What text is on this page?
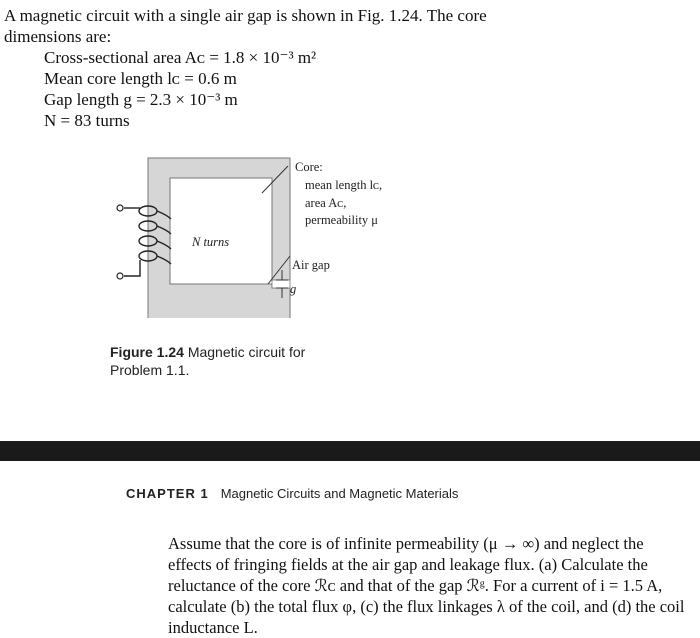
A magnetic circuit with a single air gap is shown in Fig. 1.24. The core
dimensions are:
Cross-sectional area Aᴄ = 1.8 × 10⁻³ m²
Mean core length lᴄ = 0.6 m
Gap length g = 2.3 × 10⁻³ m
N = 83 turns
Core:
mean length lᴄ,
area Aᴄ,
permeability μ
N turns
Air gap
g
Figure 1.24 Magnetic circuit for
Problem 1.1.
CHAPTER 1 Magnetic Circuits and Magnetic Materials
Assume that the core is of infinite permeability (μ → ∞) and neglect the
effects of fringing fields at the air gap and leakage flux. (a) Calculate the
reluctance of the core ℛᴄ and that of the gap ℛᵍ. For a current of i = 1.5 A,
calculate (b) the total flux φ, (c) the flux linkages λ of the coil, and (d) the coil
inductance L.
